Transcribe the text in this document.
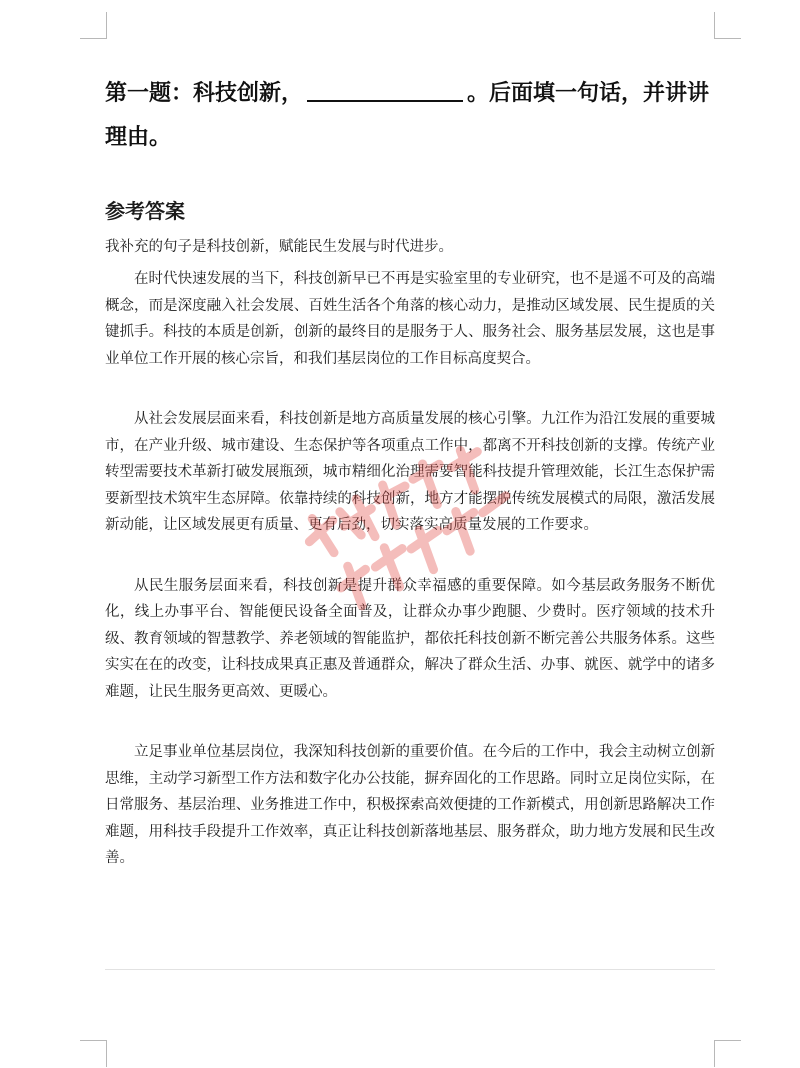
第一题：科技创新，	。后面填一句话，并讲讲理由。
参考答案

我补充的句子是科技创新，赋能民生发展与时代进步。

在时代快速发展的当下，科技创新早已不再是实验室里的专业研究，也不是遥不可及的高端概念，而是深度融入社会发展、百姓生活各个角落的核心动力，是推动区域发展、民生提质的关键抓手。科技的本质是创新，创新的最终目的是服务于人、服务社会、服务基层发展，这也是事业单位工作开展的核心宗旨，和我们基层岗位的工作目标高度契合。

从社会发展层面来看，科技创新是地方高质量发展的核心引擎。九江作为沿江发展的重要城市，在产业升级、城市建设、生态保护等各项重点工作中，都离不开科技创新的支撑。传统产业转型需要技术革新打破发展瓶颈，城市精细化治理需要智能科技提升管理效能，长江生态保护需要新型技术筑牢生态屏障。依靠持续的科技创新，地方才能摆脱传统发展模式的局限，激活发展新动能，让区域发展更有质量、更有后劲，切实落实高质量发展的工作要求。

从民生服务层面来看，科技创新是提升群众幸福感的重要保障。如今基层政务服务不断优化，线上办事平台、智能便民设备全面普及，让群众办事少跑腿、少费时。医疗领域的技术升级、教育领域的智慧教学、养老领域的智能监护，都依托科技创新不断完善公共服务体系。这些实实在在的改变，让科技成果真正惠及普通群众，解决了群众生活、办事、就医、就学中的诸多难题，让民生服务更高效、更暖心。

立足事业单位基层岗位，我深知科技创新的重要价值。在今后的工作中，我会主动树立创新思维，主动学习新型工作方法和数字化办公技能，摒弃固化的工作思路。同时立足岗位实际，在日常服务、基层治理、业务推进工作中，积极探索高效便捷的工作新模式，用创新思路解决工作难题，用科技手段提升工作效率，真正让科技创新落地基层、服务群众，助力地方发展和民生改善。
